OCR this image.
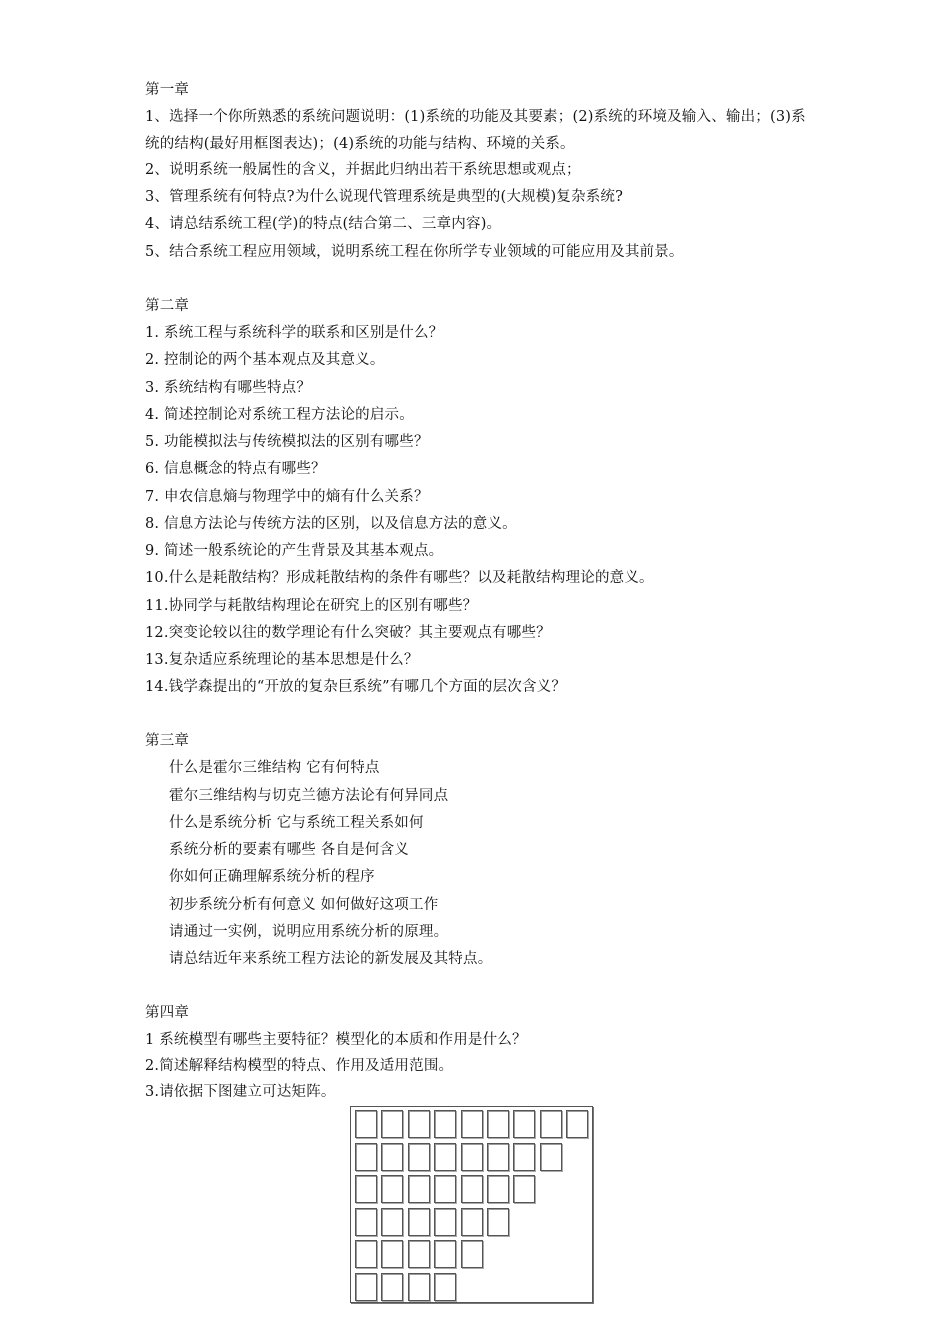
第一章
1、选择一个你所熟悉的系统问题说明：(1)系统的功能及其要素；(2)系统的环境及输入、输出；(3)系统的结构(最好用框图表达)；(4)系统的功能与结构、环境的关系。
2、说明系统一般属性的含义，并据此归纳出若干系统思想或观点；
3、管理系统有何特点?为什么说现代管理系统是典型的(大规模)复杂系统?
4、请总结系统工程(学)的特点(结合第二、三章内容)。
5、结合系统工程应用领域，说明系统工程在你所学专业领域的可能应用及其前景。
第二章
1. 系统工程与系统科学的联系和区别是什么？
2. 控制论的两个基本观点及其意义。
3. 系统结构有哪些特点？
4. 简述控制论对系统工程方法论的启示。
5. 功能模拟法与传统模拟法的区别有哪些？
6. 信息概念的特点有哪些？
7. 申农信息熵与物理学中的熵有什么关系？
8. 信息方法论与传统方法的区别，以及信息方法的意义。
9. 简述一般系统论的产生背景及其基本观点。
10.什么是耗散结构？形成耗散结构的条件有哪些？以及耗散结构理论的意义。
11.协同学与耗散结构理论在研究上的区别有哪些？
12.突变论较以往的数学理论有什么突破？其主要观点有哪些？
13.复杂适应系统理论的基本思想是什么？
14.钱学森提出的“开放的复杂巨系统”有哪几个方面的层次含义？
第三章
什么是霍尔三维结构 它有何特点
霍尔三维结构与切克兰德方法论有何异同点
什么是系统分析 它与系统工程关系如何
系统分析的要素有哪些 各自是何含义
你如何正确理解系统分析的程序
初步系统分析有何意义 如何做好这项工作
请通过一实例，说明应用系统分析的原理。
请总结近年来系统工程方法论的新发展及其特点。
第四章
1 系统模型有哪些主要特征？模型化的本质和作用是什么？
2.简述解释结构模型的特点、作用及适用范围。
3.请依据下图建立可达矩阵。
